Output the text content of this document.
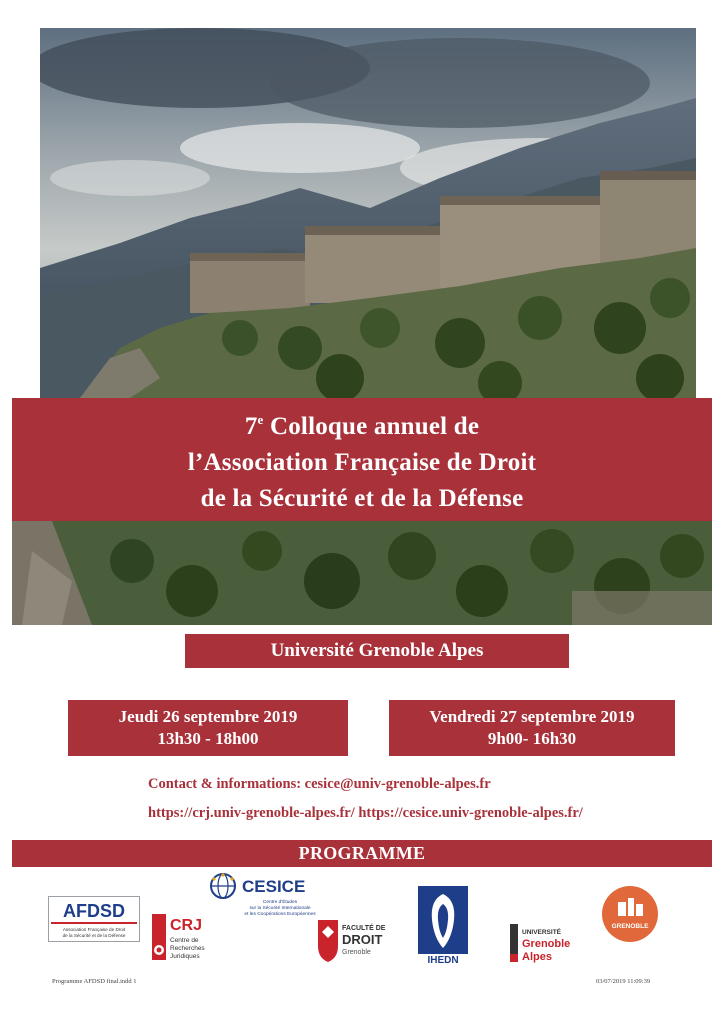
7e Colloque annuel de
l’Association Française de Droit
de la Sécurité et de la Défense
Université Grenoble Alpes
Jeudi 26 septembre 2019
13h30 - 18h00
Vendredi 27 septembre 2019
9h00- 16h30
Contact & informations: cesice@univ-grenoble-alpes.fr
https://crj.univ-grenoble-alpes.fr/ https://cesice.univ-grenoble-alpes.fr/
PROGRAMME
AFDSD
Association Française de Droit
de la Sécurité et de la Défense
CESICE
Centre d'Études
sur la Sécurité Internationale
et les Coopérations Européennes
CRJ
Centre de
Recherches
Juridiques
FACULTÉ DE
DROIT
Grenoble
IHEDN
UNIVERSITÉ
Grenoble
Alpes
GRENOBLE
Programme AFDSD final.indd 1	03/07/2019 11:09:39
